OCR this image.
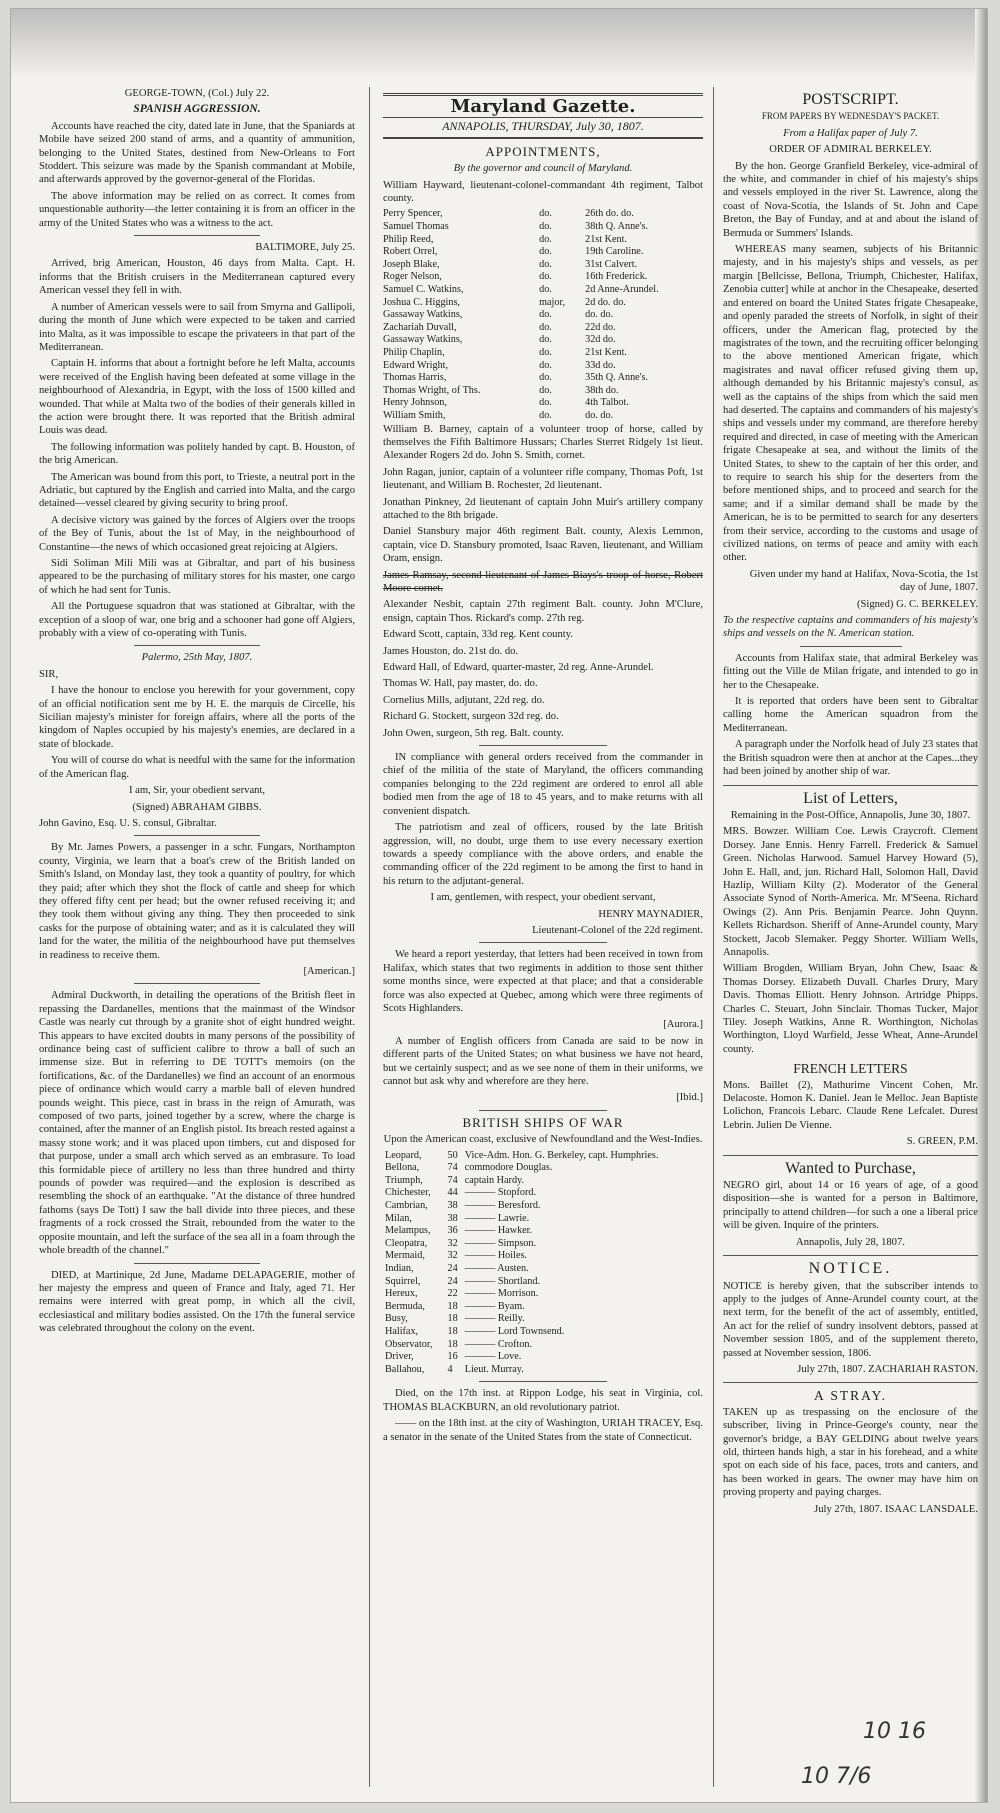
GEORGE-TOWN, (Col.) July 22.

SPANISH AGGRESSION.

Accounts have reached the city, dated late in June, that the Spaniards at Mobile have seized 200 stand of arms, and a quantity of ammunition, belonging to the United States, destined from New-Orleans to Fort Stoddert. This seizure was made by the Spanish commandant at Mobile, and afterwards approved by the governor-general of the Floridas.

The above information may be relied on as correct. It comes from unquestionable authority—the letter containing it is from an officer in the army of the United States who was a witness to the act.

BALTIMORE, July 25.

Arrived, brig American, Houston, 46 days from Malta. Capt. H. informs that the British cruisers in the Mediterranean captured every American vessel they fell in with.

A number of American vessels were to sail from Smyrna and Gallipoli, during the month of June which were expected to be taken and carried into Malta, as it was impossible to escape the privateers in that part of the Mediterranean.

Captain H. informs that about a fortnight before he left Malta, accounts were received of the English having been defeated at some village in the neighbourhood of Alexandria, in Egypt, with the loss of 1500 killed and wounded. That while at Malta two of the bodies of their generals killed in the action were brought there. It was reported that the British admiral Louis was dead.

The following information was politely handed by capt. B. Houston, of the brig American.

The American was bound from this port, to Trieste, a neutral port in the Adriatic, but captured by the English and carried into Malta, and the cargo detained—vessel cleared by giving security to bring proof.

A decisive victory was gained by the forces of Algiers over the troops of the Bey of Tunis, about the 1st of May, in the neighbourhood of Constantine—the news of which occasioned great rejoicing at Algiers.

Sidi Soliman Mili Mili was at Gibraltar, and part of his business appeared to be the purchasing of military stores for his master, one cargo of which he had sent for Tunis.

All the Portuguese squadron that was stationed at Gibraltar, with the exception of a sloop of war, one brig and a schooner had gone off Algiers, probably with a view of co-operating with Tunis.

Palermo, 25th May, 1807.

SIR,

I have the honour to enclose you herewith for your government, copy of an official notification sent me by H. E. the marquis de Circelle, his Sicilian majesty's minister for foreign affairs, where all the ports of the kingdom of Naples occupied by his majesty's enemies, are declared in a state of blockade.

You will of course do what is needful with the same for the information of the American flag.

I am, Sir, your obedient servant,

(Signed) ABRAHAM GIBBS.

John Gavino, Esq. U. S. consul, Gibraltar.

By Mr. James Powers, a passenger in a schr. Fungars, Northampton county, Virginia, we learn that a boat's crew of the British landed on Smith's Island, on Monday last, they took a quantity of poultry, for which they paid; after which they shot the flock of cattle and sheep for which they offered fifty cent per head; but the owner refused receiving it; and they took them without giving any thing. They then proceeded to sink casks for the purpose of obtaining water; and as it is calculated they will land for the water, the militia of the neighbourhood have put themselves in readiness to receive them.

[American.]

Admiral Duckworth, in detailing the operations of the British fleet in repassing the Dardanelles, mentions that the mainmast of the Windsor Castle was nearly cut through by a granite shot of eight hundred weight. This appears to have excited doubts in many persons of the possibility of ordinance being cast of sufficient calibre to throw a ball of such an immense size. But in referring to DE TOTT's memoirs (on the fortifications, &c. of the Dardanelles) we find an account of an enormous piece of ordinance which would carry a marble ball of eleven hundred pounds weight. This piece, cast in brass in the reign of Amurath, was composed of two parts, joined together by a screw, where the charge is contained, after the manner of an English pistol. Its breach rested against a massy stone work; and it was placed upon timbers, cut and disposed for that purpose, under a small arch which served as an embrasure. To load this formidable piece of artillery no less than three hundred and thirty pounds of powder was required—and the explosion is described as resembling the shock of an earthquake. "At the distance of three hundred fathoms (says De Tott) I saw the ball divide into three pieces, and these fragments of a rock crossed the Strait, rebounded from the water to the opposite mountain, and left the surface of the sea all in a foam through the whole breadth of the channel."

DIED, at Martinique, 2d June, Madame DELAPAGERIE, mother of her majesty the empress and queen of France and Italy, aged 71. Her remains were interred with great pomp, in which all the civil, ecclesiastical and military bodies assisted. On the 17th the funeral service was celebrated throughout the colony on the event.

Maryland Gazette.
ANNAPOLIS, THURSDAY, July 30, 1807.

APPOINTMENTS,

By the governor and council of Maryland.

William Hayward, lieutenant-colonel-commandant 4th regiment, Talbot county.

Perry Spencer,	do.	26th do. do.
Samuel Thomas	do.	38th Q. Anne's.
Philip Reed,	do.	21st Kent.
Robert Orrel,	do.	19th Caroline.
Joseph Blake,	do.	31st Calvert.
Roger Nelson,	do.	16th Frederick.
Samuel C. Watkins,	do.	2d Anne-Arundel.
Joshua C. Higgins,	major,	2d do. do.
Gassaway Watkins,	do.	do. do.
Zachariah Duvall,	do.	22d do.
Gassaway Watkins,	do.	32d do.
Philip Chaplin,	do.	21st Kent.
Edward Wright,	do.	33d do.
Thomas Harris,	do.	35th Q. Anne's.
Thomas Wright, of Ths.	do.	38th do.
Henry Johnson,	do.	4th Talbot.
William Smith,	do.	do. do.

William B. Barney, captain of a volunteer troop of horse, called by themselves the Fifth Baltimore Hussars; Charles Sterret Ridgely 1st lieut. Alexander Rogers 2d do. John S. Smith, cornet.

John Ragan, junior, captain of a volunteer rifle company, Thomas Poft, 1st lieutenant, and William B. Rochester, 2d lieutenant.

Jonathan Pinkney, 2d lieutenant of captain John Muir's artillery company attached to the 8th brigade.

Daniel Stansbury major 46th regiment Balt. county, Alexis Lemmon, captain, vice D. Stansbury promoted, Isaac Raven, lieutenant, and William Oram, ensign.

James Ramsay, second lieutenant of James Biays's troop of horse, Robert Moore cornet.

Alexander Nesbit, captain 27th regiment Balt. county. John M'Clure, ensign, captain Thos. Rickard's comp. 27th reg.

Edward Scott, captain, 33d reg. Kent county.

James Houston, do. 21st do. do.

Edward Hall, of Edward, quarter-master, 2d reg. Anne-Arundel.

Thomas W. Hall, pay master, do. do.

Cornelius Mills, adjutant, 22d reg. do.

Richard G. Stockett, surgeon 32d reg. do.

John Owen, surgeon, 5th reg. Balt. county.

IN compliance with general orders received from the commander in chief of the militia of the state of Maryland, the officers commanding companies belonging to the 22d regiment are ordered to enrol all able bodied men from the age of 18 to 45 years, and to make returns with all convenient dispatch.

The patriotism and zeal of officers, roused by the late British aggression, will, no doubt, urge them to use every necessary exertion towards a speedy compliance with the above orders, and enable the commanding officer of the 22d regiment to be among the first to hand in his return to the adjutant-general.

I am, gentlemen, with respect, your obedient servant,

HENRY MAYNADIER,

Lieutenant-Colonel of the 22d regiment.

We heard a report yesterday, that letters had been received in town from Halifax, which states that two regiments in addition to those sent thither some months since, were expected at that place; and that a considerable force was also expected at Quebec, among which were three regiments of Scots Highlanders.

[Aurora.]

A number of English officers from Canada are said to be now in different parts of the United States; on what business we have not heard, but we certainly suspect; and as we see none of them in their uniforms, we cannot but ask why and wherefore are they here.

[Ibid.]

BRITISH SHIPS OF WAR

Upon the American coast, exclusive of Newfoundland and the West-Indies.

Leopard,	50	Vice-Adm. Hon. G. Berkeley, capt. Humphries.
Bellona,	74	commodore Douglas.
Triumph,	74	captain Hardy.
Chichester,	44	——— Stopford.
Cambrian,	38	——— Beresford.
Milan,	38	——— Lawrie.
Melampus,	36	——— Hawker.
Cleopatra,	32	——— Simpson.
Mermaid,	32	——— Hoiles.
Indian,	24	——— Austen.
Squirrel,	24	——— Shortland.
Hereux,	22	——— Morrison.
Bermuda,	18	——— Byam.
Busy,	18	——— Reilly.
Halifax,	18	——— Lord Townsend.
Observator,	18	——— Crofton.
Driver,	16	——— Love.
Ballahou,	4	Lieut. Murray.

Died, on the 17th inst. at Rippon Lodge, his seat in Virginia, col. THOMAS BLACKBURN, an old revolutionary patriot.

—— on the 18th inst. at the city of Washington, URIAH TRACEY, Esq. a senator in the senate of the United States from the state of Connecticut.

POSTSCRIPT.

FROM PAPERS BY WEDNESDAY'S PACKET.

From a Halifax paper of July 7.

ORDER OF ADMIRAL BERKELEY.

By the hon. George Granfield Berkeley, vice-admiral of the white, and commander in chief of his majesty's ships and vessels employed in the river St. Lawrence, along the coast of Nova-Scotia, the Islands of St. John and Cape Breton, the Bay of Funday, and at and about the island of Bermuda or Summers' Islands.

WHEREAS many seamen, subjects of his Britannic majesty, and in his majesty's ships and vessels, as per margin [Bellcisse, Bellona, Triumph, Chichester, Halifax, Zenobia cutter] while at anchor in the Chesapeake, deserted and entered on board the United States frigate Chesapeake, and openly paraded the streets of Norfolk, in sight of their officers, under the American flag, protected by the magistrates of the town, and the recruiting officer belonging to the above mentioned American frigate, which magistrates and naval officer refused giving them up, although demanded by his Britannic majesty's consul, as well as the captains of the ships from which the said men had deserted. The captains and commanders of his majesty's ships and vessels under my command, are therefore hereby required and directed, in case of meeting with the American frigate Chesapeake at sea, and without the limits of the United States, to shew to the captain of her this order, and to require to search his ship for the deserters from the before mentioned ships, and to proceed and search for the same; and if a similar demand shall be made by the American, he is to be permitted to search for any deserters from their service, according to the customs and usage of civilized nations, on terms of peace and amity with each other.

Given under my hand at Halifax, Nova-Scotia, the 1st day of June, 1807.

(Signed) G. C. BERKELEY.

To the respective captains and commanders of his majesty's ships and vessels on the N. American station.

Accounts from Halifax state, that admiral Berkeley was fitting out the Ville de Milan frigate, and intended to go in her to the Chesapeake.

It is reported that orders have been sent to Gibraltar calling home the American squadron from the Mediterranean.

A paragraph under the Norfolk head of July 23 states that the British squadron were then at anchor at the Capes...they had been joined by another ship of war.

List of Letters,

Remaining in the Post-Office, Annapolis, June 30, 1807.

MRS. Bowzer. William Coe. Lewis Craycroft. Clement Dorsey. Jane Ennis. Henry Farrell. Frederick & Samuel Green. Nicholas Harwood. Samuel Harvey Howard (5), John E. Hall, and, jun. Richard Hall, Solomon Hall, David Hazlip, William Kilty (2). Moderator of the General Associate Synod of North-America. Mr. M'Seena. Richard Owings (2). Ann Pris. Benjamin Pearce. John Quynn. Kellets Richardson. Sheriff of Anne-Arundel county, Mary Stockett, Jacob Slemaker. Peggy Shorter. William Wells, Annapolis.

William Brogden, William Bryan, John Chew, Isaac & Thomas Dorsey. Elizabeth Duvall. Charles Drury, Mary Davis. Thomas Elliott. Henry Johnson. Artridge Phipps. Charles C. Steuart, John Sinclair. Thomas Tucker, Major Tiley. Joseph Watkins, Anne R. Worthington, Nicholas Worthington, Lloyd Warfield, Jesse Wheat, Anne-Arundel county.

FRENCH LETTERS

Mons. Baillet (2), Mathurime Vincent Cohen, Mr. Delacoste. Homon K. Daniel. Jean le Melloc. Jean Baptiste Lolichon, Francois Lebarc. Claude Rene Lefcalet. Durest Lebrin. Julien De Vienne.

S. GREEN, P.M.

Wanted to Purchase,

NEGRO girl, about 14 or 16 years of age, of a good disposition—she is wanted for a person in Baltimore, principally to attend children—for such a one a liberal price will be given. Inquire of the printers.

Annapolis, July 28, 1807.

NOTICE.

NOTICE is hereby given, that the subscriber intends to apply to the judges of Anne-Arundel county court, at the next term, for the benefit of the act of assembly, entitled, An act for the relief of sundry insolvent debtors, passed at November session 1805, and of the supplement thereto, passed at November session, 1806.

July 27th, 1807. ZACHARIAH RASTON.

A STRAY.

TAKEN up as trespassing on the enclosure of the subscriber, living in Prince-George's county, near the governor's bridge, a BAY GELDING about twelve years old, thirteen hands high, a star in his forehead, and a white spot on each side of his face, paces, trots and canters, and has been worked in gears. The owner may have him on proving property and paying charges.

July 27th, 1807. ISAAC LANSDALE.

10 16
10 7/6
